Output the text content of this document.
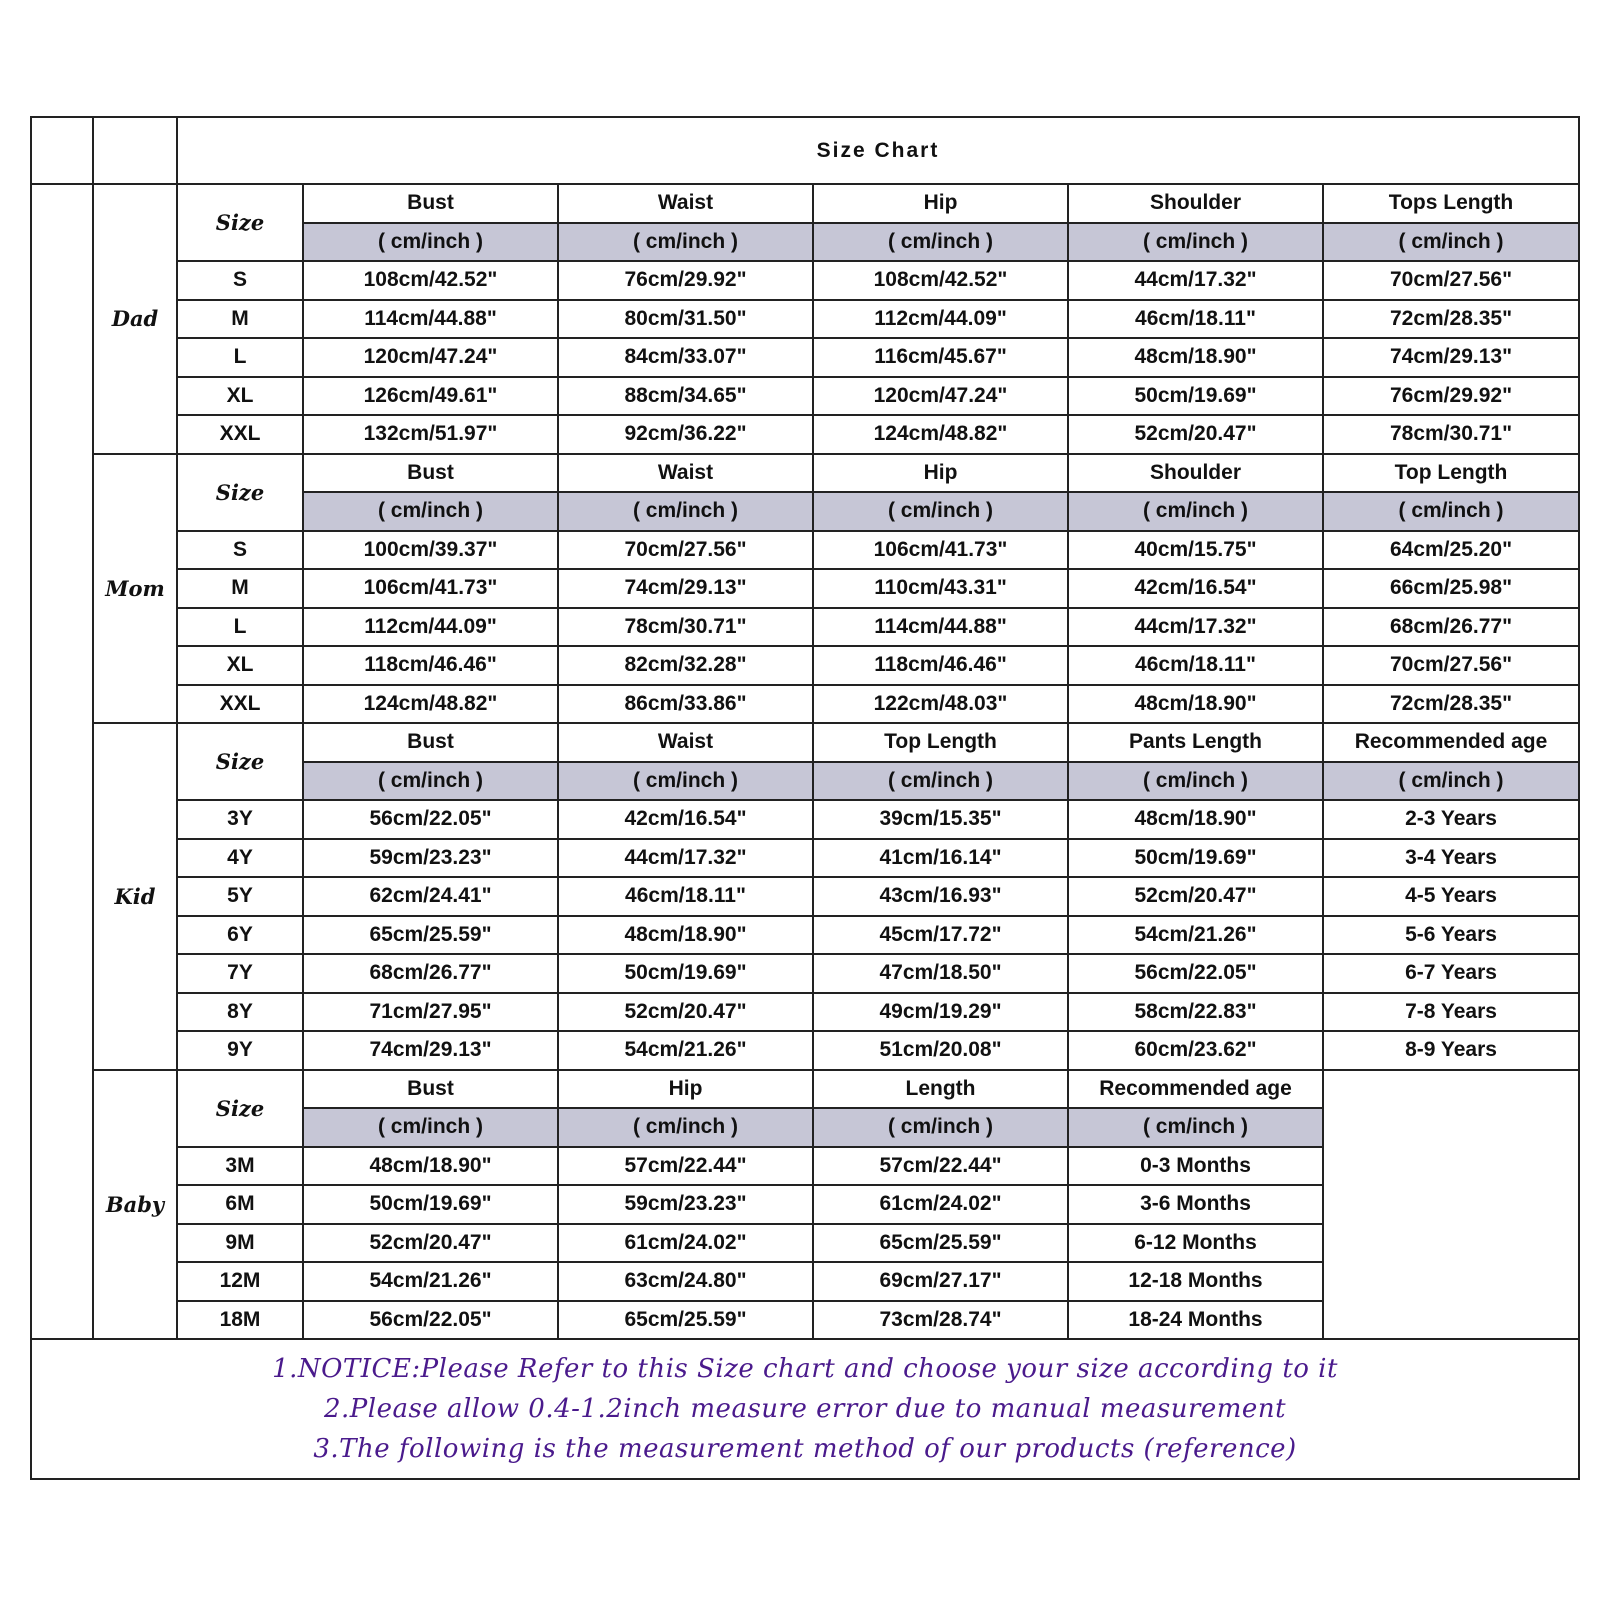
		Size Chart					
	Dad	Size	Bust	Waist	Hip	Shoulder	Tops Length
			( cm/inch )	( cm/inch )	( cm/inch )	( cm/inch )	( cm/inch )
		S	108cm/42.52"	76cm/29.92"	108cm/42.52"	44cm/17.32"	70cm/27.56"
		M	114cm/44.88"	80cm/31.50"	112cm/44.09"	46cm/18.11"	72cm/28.35"
		L	120cm/47.24"	84cm/33.07"	116cm/45.67"	48cm/18.90"	74cm/29.13"
		XL	126cm/49.61"	88cm/34.65"	120cm/47.24"	50cm/19.69"	76cm/29.92"
		XXL	132cm/51.97"	92cm/36.22"	124cm/48.82"	52cm/20.47"	78cm/30.71"
	Mom	Size	Bust	Waist	Hip	Shoulder	Top Length
			( cm/inch )	( cm/inch )	( cm/inch )	( cm/inch )	( cm/inch )
		S	100cm/39.37"	70cm/27.56"	106cm/41.73"	40cm/15.75"	64cm/25.20"
		M	106cm/41.73"	74cm/29.13"	110cm/43.31"	42cm/16.54"	66cm/25.98"
		L	112cm/44.09"	78cm/30.71"	114cm/44.88"	44cm/17.32"	68cm/26.77"
		XL	118cm/46.46"	82cm/32.28"	118cm/46.46"	46cm/18.11"	70cm/27.56"
		XXL	124cm/48.82"	86cm/33.86"	122cm/48.03"	48cm/18.90"	72cm/28.35"
	Kid	Size	Bust	Waist	Top Length	Pants Length	Recommended age
			( cm/inch )	( cm/inch )	( cm/inch )	( cm/inch )	( cm/inch )
		3Y	56cm/22.05"	42cm/16.54"	39cm/15.35"	48cm/18.90"	2-3 Years
		4Y	59cm/23.23"	44cm/17.32"	41cm/16.14"	50cm/19.69"	3-4 Years
		5Y	62cm/24.41"	46cm/18.11"	43cm/16.93"	52cm/20.47"	4-5 Years
		6Y	65cm/25.59"	48cm/18.90"	45cm/17.72"	54cm/21.26"	5-6 Years
		7Y	68cm/26.77"	50cm/19.69"	47cm/18.50"	56cm/22.05"	6-7 Years
		8Y	71cm/27.95"	52cm/20.47"	49cm/19.29"	58cm/22.83"	7-8 Years
		9Y	74cm/29.13"	54cm/21.26"	51cm/20.08"	60cm/23.62"	8-9 Years
	Baby	Size	Bust	Hip	Length	Recommended age	
			( cm/inch )	( cm/inch )	( cm/inch )	( cm/inch )	
		3M	48cm/18.90"	57cm/22.44"	57cm/22.44"	0-3 Months	
		6M	50cm/19.69"	59cm/23.23"	61cm/24.02"	3-6 Months	
		9M	52cm/20.47"	61cm/24.02"	65cm/25.59"	6-12 Months	
		12M	54cm/21.26"	63cm/24.80"	69cm/27.17"	12-18 Months	
		18M	56cm/22.05"	65cm/25.59"	73cm/28.74"	18-24 Months	

1.NOTICE:Please Refer to this Size chart and choose your size according to it
2.Please allow 0.4-1.2inch measure error due to manual measurement
3.The following is the measurement method of our products (reference)							
